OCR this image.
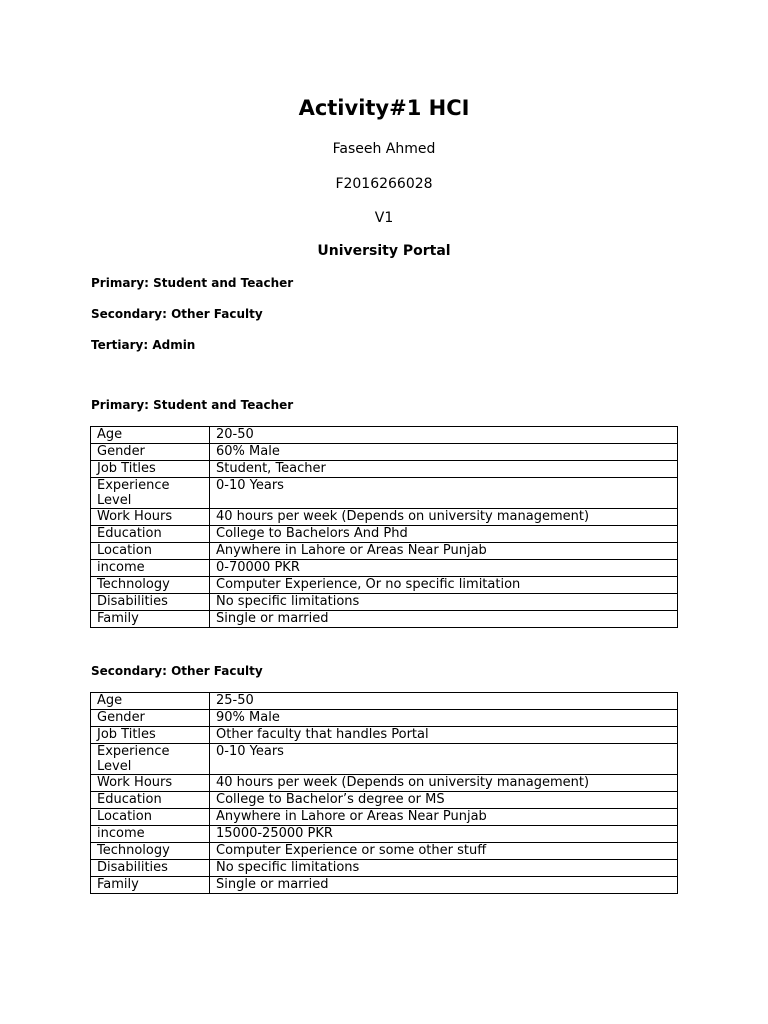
Activity#1 HCI
Faseeh Ahmed
F2016266028
V1
University Portal
Primary: Student and Teacher
Secondary: Other Faculty
Tertiary: Admin
Primary: Student and Teacher
Age	20-50
Gender	60% Male
Job Titles	Student, Teacher
Experience Level	0-10 Years
Work Hours	40 hours per week (Depends on university management)
Education	College to Bachelors And Phd
Location	Anywhere in Lahore or Areas Near Punjab
income	0-70000 PKR
Technology	Computer Experience, Or no specific limitation
Disabilities	No specific limitations
Family	Single or married
Secondary: Other Faculty
Age	25-50
Gender	90% Male
Job Titles	Other faculty that handles Portal
Experience Level	0-10 Years
Work Hours	40 hours per week (Depends on university management)
Education	College to Bachelor’s degree or MS
Location	Anywhere in Lahore or Areas Near Punjab
income	15000-25000 PKR
Technology	Computer Experience or some other stuff
Disabilities	No specific limitations
Family	Single or married
